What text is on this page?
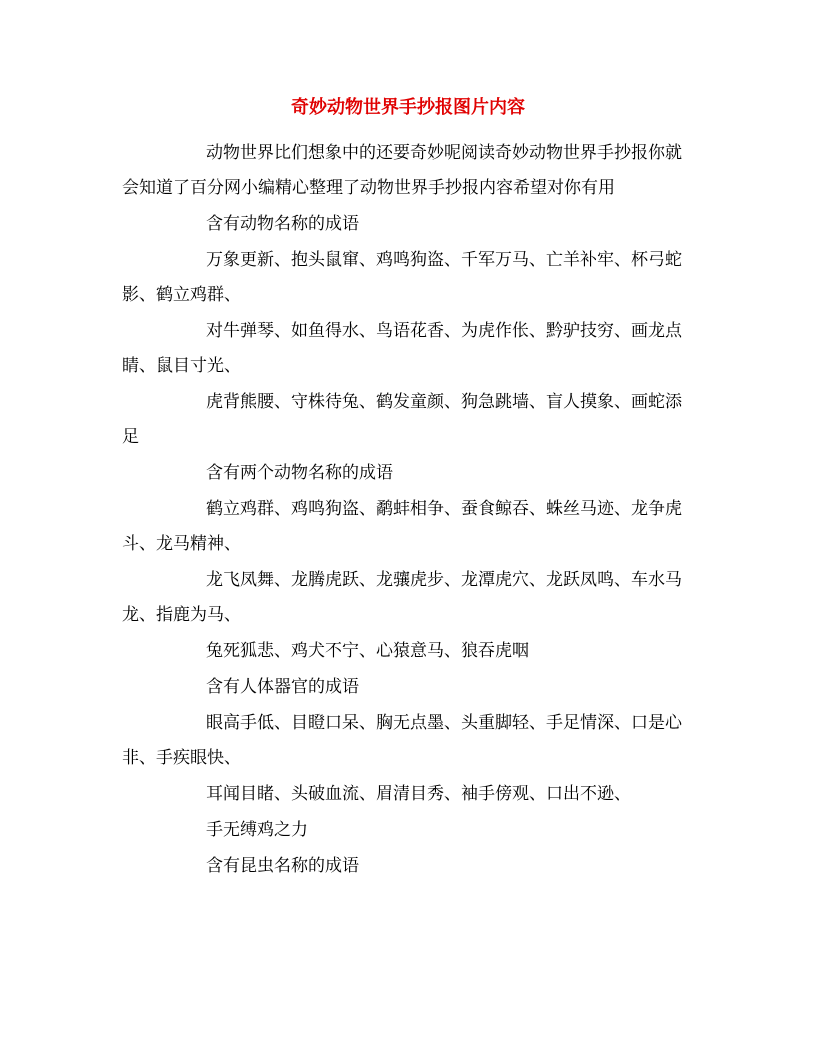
奇妙动物世界手抄报图片内容

动物世界比们想象中的还要奇妙呢阅读奇妙动物世界手抄报你就会知道了百分网小编精心整理了动物世界手抄报内容希望对你有用

含有动物名称的成语

万象更新、抱头鼠窜、鸡鸣狗盗、千军万马、亡羊补牢、杯弓蛇影、鹤立鸡群、

对牛弹琴、如鱼得水、鸟语花香、为虎作伥、黔驴技穷、画龙点睛、鼠目寸光、

虎背熊腰、守株待兔、鹤发童颜、狗急跳墙、盲人摸象、画蛇添足

含有两个动物名称的成语

鹤立鸡群、鸡鸣狗盗、鹬蚌相争、蚕食鲸吞、蛛丝马迹、龙争虎斗、龙马精神、

龙飞凤舞、龙腾虎跃、龙骧虎步、龙潭虎穴、龙跃凤鸣、车水马龙、指鹿为马、

兔死狐悲、鸡犬不宁、心猿意马、狼吞虎咽

含有人体器官的成语

眼高手低、目瞪口呆、胸无点墨、头重脚轻、手足情深、口是心非、手疾眼快、

耳闻目睹、头破血流、眉清目秀、袖手傍观、口出不逊、

手无缚鸡之力

含有昆虫名称的成语
